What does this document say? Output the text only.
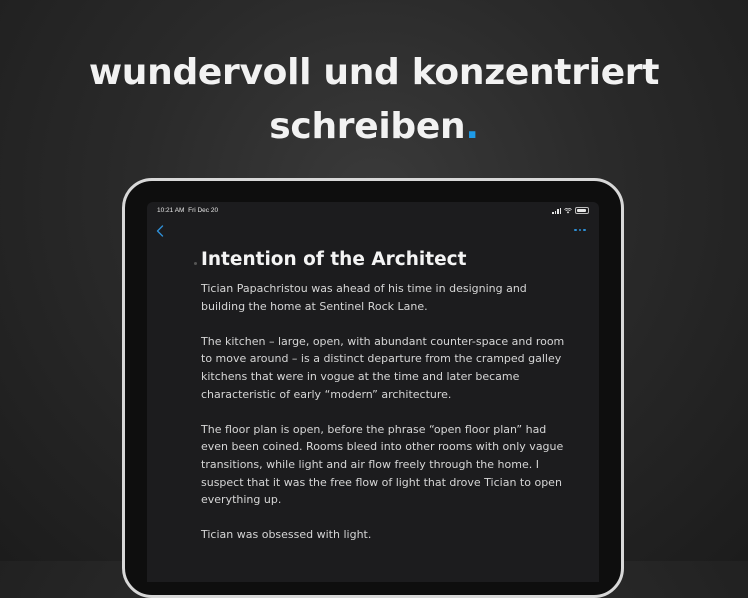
wundervoll und konzentriert
schreiben.
10:21 AM Fri Dec 20
Intention of the Architect

Tician Papachristou was ahead of his time in designing and building the home at Sentinel Rock Lane.

The kitchen – large, open, with abundant counter-space and room to move around – is a distinct departure from the cramped galley kitchens that were in vogue at the time and later became characteristic of early “modern” architecture.

The floor plan is open, before the phrase “open floor plan” had even been coined. Rooms bleed into other rooms with only vague transitions, while light and air flow freely through the home. I suspect that it was the free flow of light that drove Tician to open everything up.

Tician was obsessed with light.
